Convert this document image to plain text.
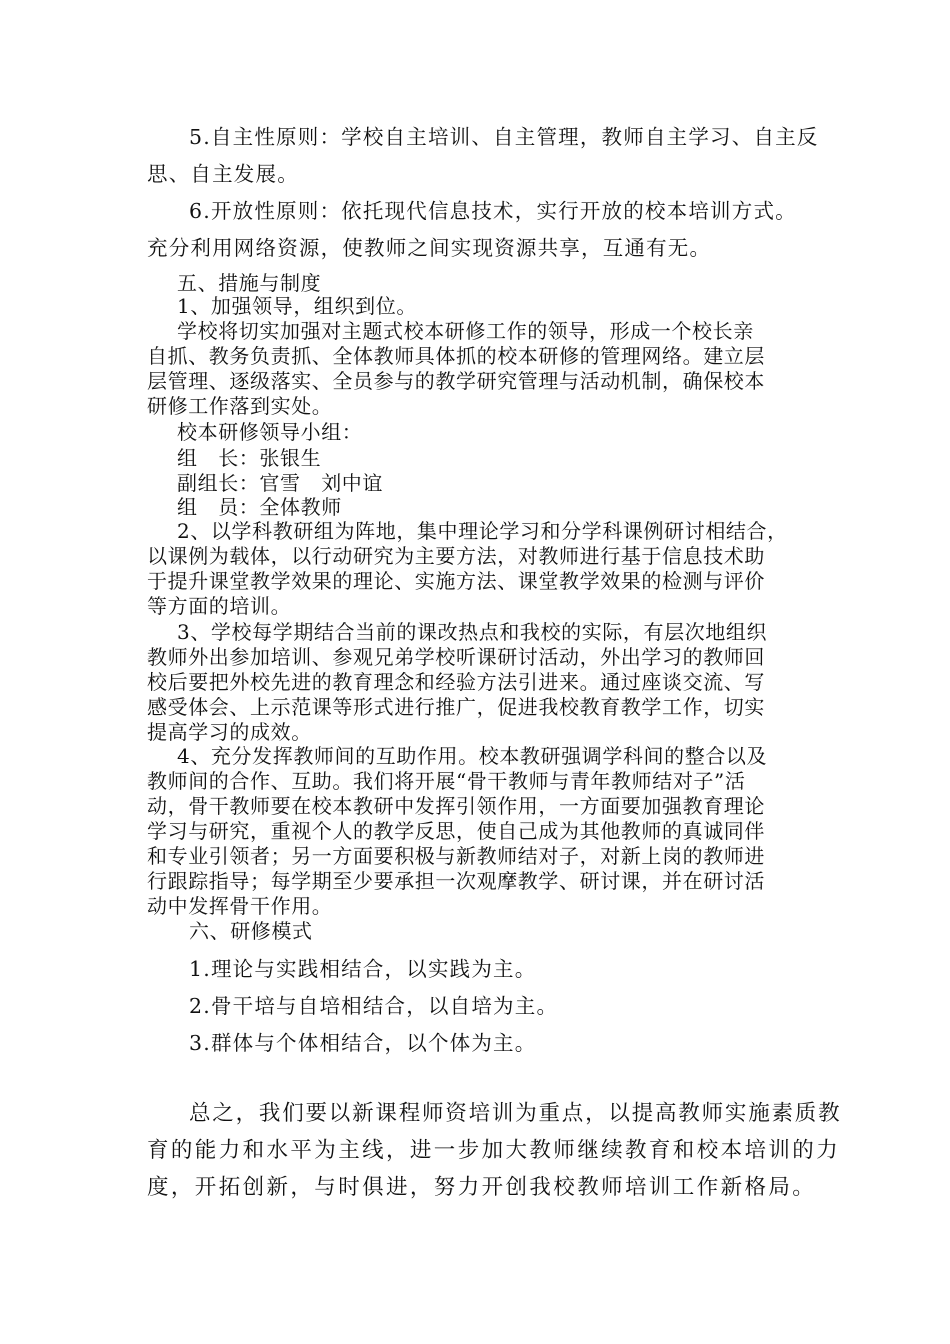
5.自主性原则：学校自主培训、自主管理，教师自主学习、自主反

思、自主发展。

6.开放性原则：依托现代信息技术，实行开放的校本培训方式。

充分利用网络资源，使教师之间实现资源共享，互通有无。

五、措施与制度

1、加强领导，组织到位。

学校将切实加强对主题式校本研修工作的领导，形成一个校长亲

自抓、教务负责抓、全体教师具体抓的校本研修的管理网络。建立层

层管理、逐级落实、全员参与的教学研究管理与活动机制，确保校本

研修工作落到实处。

校本研修领导小组：

组　长：张银生

副组长：官雪　刘中谊

组　员：全体教师

2、以学科教研组为阵地，集中理论学习和分学科课例研讨相结合，

以课例为载体，以行动研究为主要方法，对教师进行基于信息技术助

于提升课堂教学效果的理论、实施方法、课堂教学效果的检测与评价

等方面的培训。

3、学校每学期结合当前的课改热点和我校的实际，有层次地组织

教师外出参加培训、参观兄弟学校听课研讨活动，外出学习的教师回

校后要把外校先进的教育理念和经验方法引进来。通过座谈交流、写

感受体会、上示范课等形式进行推广，促进我校教育教学工作，切实

提高学习的成效。

4、充分发挥教师间的互助作用。校本教研强调学科间的整合以及

教师间的合作、互助。我们将开展“骨干教师与青年教师结对子”活

动，骨干教师要在校本教研中发挥引领作用，一方面要加强教育理论

学习与研究，重视个人的教学反思，使自己成为其他教师的真诚同伴

和专业引领者；另一方面要积极与新教师结对子，对新上岗的教师进

行跟踪指导；每学期至少要承担一次观摩教学、研讨课，并在研讨活

动中发挥骨干作用。

六、研修模式

1.理论与实践相结合，以实践为主。

2.骨干培与自培相结合，以自培为主。

3.群体与个体相结合，以个体为主。

总之，我们要以新课程师资培训为重点，以提高教师实施素质教

育的能力和水平为主线，进一步加大教师继续教育和校本培训的力

度，开拓创新，与时俱进，努力开创我校教师培训工作新格局。
